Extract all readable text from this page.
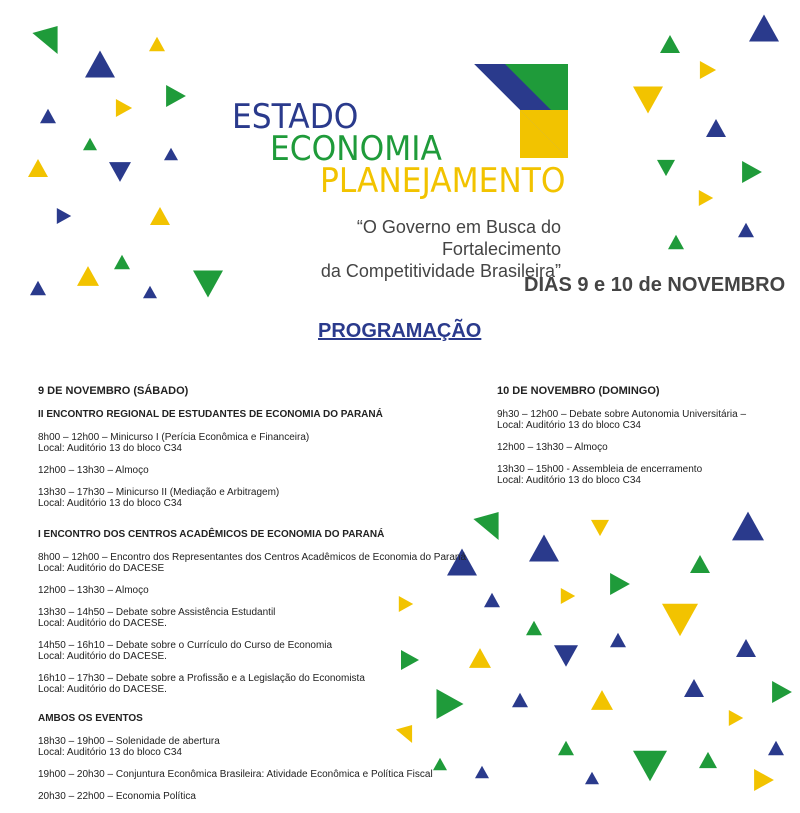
ESTADO
ECONOMIA
PLANEJAMENTO
“O Governo em Busca do Fortalecimento
da Competitividade Brasileira”
DIAS 9 e 10 de NOVEMBRO
PROGRAMAÇÃO
9 DE NOVEMBRO (SÁBADO)
II ENCONTRO REGIONAL DE ESTUDANTES DE ECONOMIA DO PARANÁ
8h00 – 12h00 – Minicurso I (Perícia Econômica e Financeira)
Local: Auditório 13 do bloco C34
12h00 – 13h30 – Almoço
13h30 – 17h30 – Minicurso II (Mediação e Arbitragem)
Local: Auditório 13 do bloco C34
I ENCONTRO DOS CENTROS ACADÊMICOS DE ECONOMIA DO PARANÁ
8h00 – 12h00 – Encontro dos Representantes dos Centros Acadêmicos de Economia do Paraná
Local: Auditório do DACESE
12h00 – 13h30 – Almoço
13h30 – 14h50 – Debate sobre Assistência Estudantil
Local: Auditório do DACESE.
14h50 – 16h10 – Debate sobre o Currículo do Curso de Economia
Local: Auditório do DACESE.
16h10 – 17h30 – Debate sobre a Profissão e a Legislação do Economista
Local: Auditório do DACESE.
AMBOS OS EVENTOS
18h30 – 19h00 – Solenidade de abertura
Local: Auditório 13 do bloco C34
19h00 – 20h30 – Conjuntura Econômica Brasileira: Atividade Econômica e Política Fiscal
20h30 – 22h00 – Economia Política
10 DE NOVEMBRO (DOMINGO)
9h30 – 12h00 – Debate sobre Autonomia Universitária –
Local: Auditório 13 do bloco C34
12h00 – 13h30 – Almoço
13h30 – 15h00 - Assembleia de encerramento
Local: Auditório 13 do bloco C34
